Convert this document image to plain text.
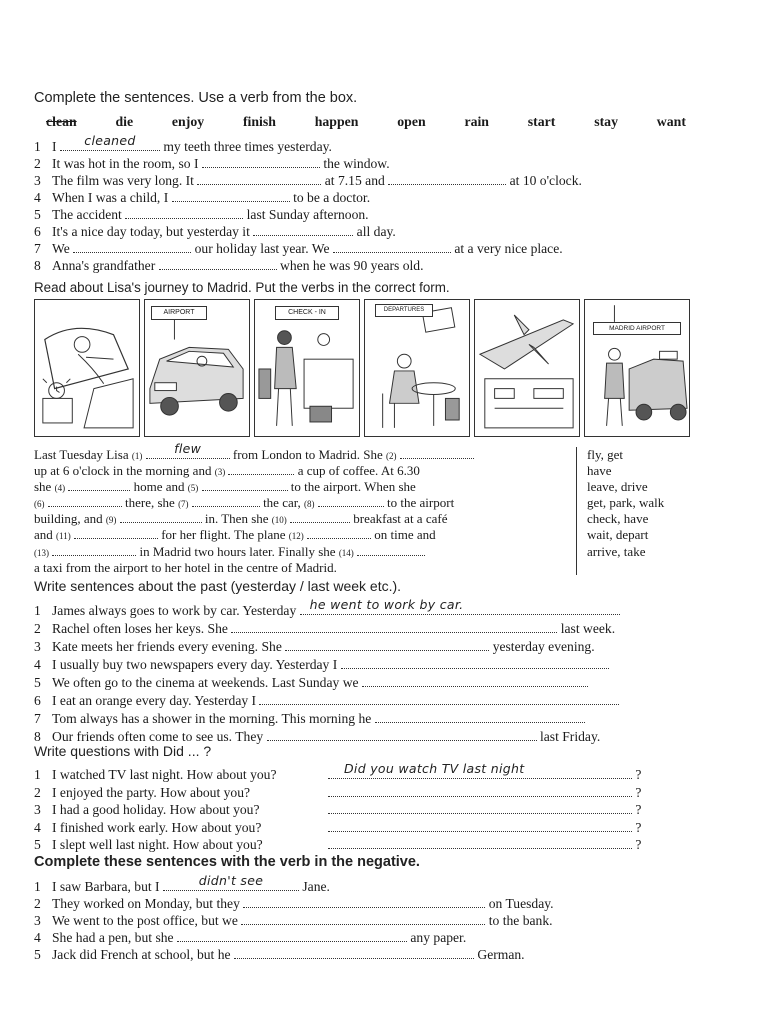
Complete the sentences. Use a verb from the box.
clean	die	enjoy	finish	happen	open	rain	start	stay	want
1 I	cleaned	my teeth three times yesterday.
2 It was hot in the room, so I	the window.
3 The film was very long. It	at 7.15 and	at 10 o'clock.
4 When I was a child, I	to be a doctor.
5 The accident	last Sunday afternoon.
6 It's a nice day today, but yesterday it	all day.
7 We	our holiday last year. We	at a very nice place.
8 Anna's grandfather	when he was 90 years old.
Read about Lisa's journey to Madrid. Put the verbs in the correct form.
AIRPORT	CHECK - IN	DEPARTURES
MADRID AIRPORT
Last Tuesday Lisa (1)
flew	from London to Madrid. She (2)
up at 6 o'clock in the morning and (3)	a cup of coffee. At 6.30
she (4)	home and (5)	to the airport. When she
(6)	there, she (7)	the car, (8)	to the airport
building, and (9)	in. Then she (10)	breakfast at a café
and (11)	for her flight. The plane (12)	on time and
(13)	in Madrid two hours later. Finally she (14)
a taxi from the airport to her hotel in the centre of Madrid.
fly, get
have
leave, drive
get, park, walk
check, have
wait, depart
arrive, take
Write sentences about the past (yesterday / last week etc.).
1 James always goes to work by car. Yesterday he went to work by car.
2 Rachel often loses her keys. She	last week.
3 Kate meets her friends every evening. She	yesterday evening.
4 I usually buy two newspapers every day. Yesterday I
5 We often go to the cinema at weekends. Last Sunday we
6 I eat an orange every day. Yesterday I
7 Tom always has a shower in the morning. This morning he
8 Our friends often come to see us. They	last Friday.
Write questions with Did ... ?
1 I watched TV last night. How about you?
2 I enjoyed the party. How about you?
3 I had a good holiday. How about you?
4 I finished work early. How about you?
5 I slept well last night. How about you?
Did you watch TV last night	?
?
?
?
?
Complete these sentences with the verb in the negative.
1 I saw Barbara, but I	didn't see	Jane.
2 They worked on Monday, but they	on Tuesday.
3 We went to the post office, but we	to the bank.
4 She had a pen, but she	any paper.
5 Jack did French at school, but he	German.
